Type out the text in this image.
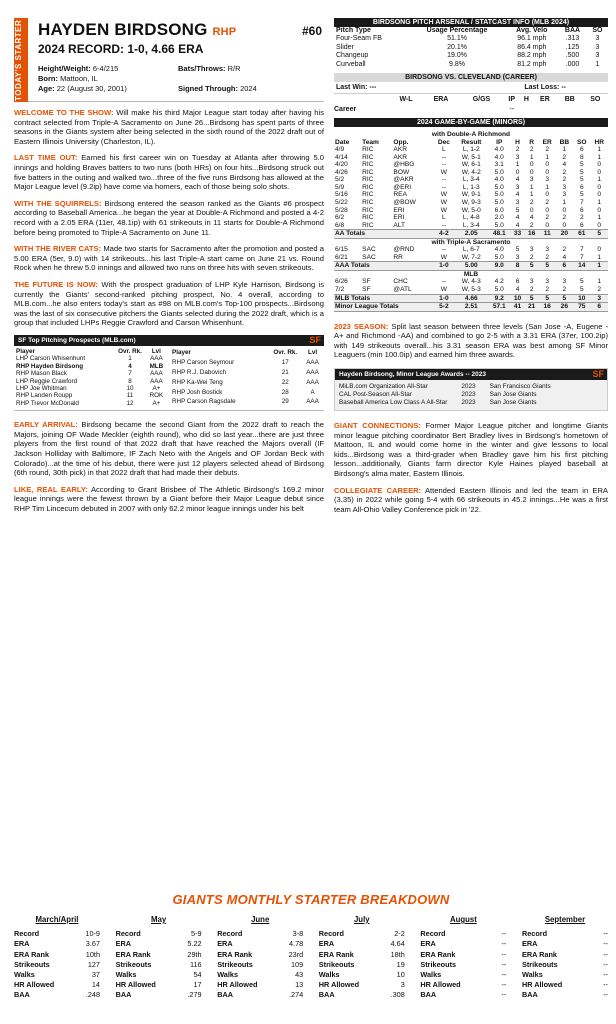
TODAY'S STARTER HAYDEN BIRDSONG RHP	#60
2024 RECORD: 1-0, 4.66 ERA
Height/Weight: 6-4/215
Born: Mattoon, IL
Age: 22 (August 30, 2001)
Bats/Throws: R/R

Signed Through: 2024

WELCOME TO THE SHOW: Will make his third Major League start today after having his contract selected from Triple-A Sacramento on June 26...Birdsong has spent parts of three seasons in the Giants system after being selected in the sixth round of the 2022 draft out of Eastern Illinois University (Charleston, IL).

LAST TIME OUT: Earned his first career win on Tuesday at Atlanta after throwing 5.0 innings and holding Braves batters to two runs (both HRs) on four hits...Birdsong struck out five batters in the outing and walked two...three of the five runs Birdsong has allowed at the Major League level (9.2ip) have come via homers, each of those being solo shots.

WITH THE SQUIRRELS: Birdsong entered the season ranked as the Giants #6 prospect according to Baseball America...he began the year at Double-A Richmond and posted a 4-2 record with a 2.05 ERA (11er, 48.1ip) with 61 strikeouts in 11 starts for Double-A Richmond before being promoted to Triple-A Sacramento on June 11.

WITH THE RIVER CATS: Made two starts for Sacramento after the promotion and posted a 5.00 ERA (5er, 9.0) with 14 strikeouts...his last Triple-A start came on June 21 vs. Round Rock when he threw 5.0 innings and allowed two runs on three hits with seven strikeouts.

THE FUTURE IS NOW: With the prospect graduation of LHP Kyle Harrison, Birdsong is currently the Giants' second-ranked pitching prospect, No. 4 overall, according to MLB.com...he also enters today's start as #98 on MLB.com's Top-100 prospects...Birdsong was the last of six consecutive pitchers the Giants selected during the 2022 draft, which is a group that included LHPs Reggie Crawford and Carson Whisenhunt.

SF Top Pitching Prospects (MLB.com)	SF
Player	Ovr. Rk.	Lvl
LHP Carson Whisenhunt	1	AAA
RHP Hayden Birdsong	4	MLB
RHP Mason Black	7	AAA
LHP Reggie Crawford	8	AAA
LHP Joe Whitman	10	A+
RHP Landen Roupp	11	ROK
RHP Trevor McDonald	12	A+
Player	Ovr. Rk.	Lvl
RHP Carson Seymour	17	AAA
RHP R.J. Dabovich	21	AAA
RHP Ka-Wei Teng	22	AAA
RHP Josh Bostick	28	A
RHP Carson Ragsdale	29	AAA

EARLY ARRIVAL: Birdsong became the second Giant from the 2022 draft to reach the Majors, joining OF Wade Meckler (eighth round), who did so last year...there are just three players from the first round of that 2022 draft that have reached the Majors overall (IF Jackson Holliday with Baltimore, IF Zach Neto with the Angels and OF Jordan Beck with Colorado)...at the time of his debut, there were just 12 players selected ahead of Birdsong (6th round, 30th pick) in that 2022 draft that had made their debuts.

LIKE, REAL EARLY: According to Grant Brisbee of The Athletic Birdsong's 169.2 minor league innings were the fewest thrown by a Giant before their Major League debut since RHP Tim Lincecum debuted in 2007 with only 62.2 minor league innings under his belt

BIRDSONG PITCH ARSENAL / STATCAST INFO (MLB 2024)
Pitch Type	Usage Percentage	Avg. Velo	BAA	SO
Four-Seam FB	51.1%	96.1 mph	.313	3
Slider	20.1%	86.4 mph	.125	3
Changeup	19.0%	88.2 mph	.500	3
Curveball	9.8%	81.2 mph	.000	1
BIRDSONG VS. CLEVELAND (CAREER)
Last Win: ---	Last Loss: --
	W-L	ERA	G/GS	IP	H	ER	BB	SO
Career				--				
2024 GAME-BY-GAME (MINORS)
with Double-A Richmond											
Date	Team	Opp.	Dec	Result	IP	H	R	ER	BB	SO	HR
4/9	RIC	AKR	L	L, 1-2	4.0	2	2	2	1	6	1
4/14	RIC	AKR	--	W, 5-1	4.0	3	1	1	2	8	1
4/20	RIC	@HBG	--	W, 6-1	3.1	1	0	0	4	5	0
4/26	RIC	BOW	W	W, 4-2	5.0	0	0	0	2	5	0
5/2	RIC	@AKR	--	L, 3-4	4.0	4	3	3	2	5	1
5/9	RIC	@ERI	--	L, 1-3	5.0	3	1	1	3	6	0
5/16	RIC	REA	W	W, 9-1	5.0	4	1	0	3	5	0
5/22	RIC	@BOW	W	W, 9-3	5.0	3	2	2	1	7	1
5/28	RIC	ERI	W	W, 5-0	6.0	5	0	0	0	6	0
6/2	RIC	ERI	L	L, 4-8	2.0	4	4	2	2	2	1
6/8	RIC	ALT	--	L, 3-4	5.0	4	2	0	0	6	0
AA Totals			4-2	2.05	48.1	33	16	11	20	61	5
with Triple-A Sacramento											
6/15	SAC	@RND	--	L, 6-7	4.0	5	3	3	2	7	0
6/21	SAC	RR	W	W, 7-2	5.0	3	2	2	4	7	1
AAA Totals			1-0	5.00	9.0	8	5	5	6	14	1
MLB											
6/26	SF	CHC	--	W, 4-3	4.2	6	3	3	3	5	1
7/2	SF	@ATL	W	W, 5-3	5.0	4	2	2	2	5	2
MLB Totals			1-0	4.66	9.2	10	5	5	5	10	3
Minor League Totals			5-2	2.51	57.1	41	21	16	26	75	6

2023 SEASON: Split last season between three levels (San Jose -A, Eugene - A+ and Richmond -AA) and combined to go 2-5 with a 3.31 ERA (37er, 100.2ip) with 149 strikeouts overall...his 3.31 season ERA was best among SF Minor Leaguers (min 100.0ip) and earned him three awards.

Hayden Birdsong, Minor League Awards -- 2023	SF
MiLB.com Organization All-Star	2023	San Francisco Giants
CAL Post-Season All-Star	2023	San Jose Giants
Baseball America Low Class A All-Star	2023	San Jose Giants

GIANT CONNECTIONS: Former Major League pitcher and longtime Giants minor league pitching coordinator Bert Bradley lives in Birdsong's hometown of Mattoon, IL and would come home in the winter and give lessons to local kids...Birdsong was a third-grader when Bradley gave him his first pitching lesson...additionally, Giants farm director Kyle Haines played baseball at Birdsong's alma mater, Eastern Illinois.

COLLEGIATE CAREER: Attended Eastern Illinois and led the team in ERA (3.35) in 2022 while going 5-4 with 66 strikeouts in 45.2 innings...He was a first team All-Ohio Valley Conference pick in '22.

GIANTS MONTHLY STARTER BREAKDOWN
March/April
Record	10-9
ERA	3.67
ERA Rank	10th
Strikeouts	127
Walks	37
HR Allowed	14
BAA	.248
May
Record	5-9
ERA	5.22
ERA Rank	29th
Strikeouts	116
Walks	54
HR Allowed	17
BAA	.279
June
Record	3-8
ERA	4.78
ERA Rank	23rd
Strikeouts	109
Walks	43
HR Allowed	13
BAA	.274
July
Record	2-2
ERA	4.64
ERA Rank	18th
Strikeouts	19
Walks	10
HR Allowed	3
BAA	.308
August
Record	--
ERA	--
ERA Rank	--
Strikeouts	--
Walks	--
HR Allowed	--
BAA	--
September
Record	--
ERA	--
ERA Rank	--
Strikeouts	--
Walks	--
HR Allowed	--
BAA	--
